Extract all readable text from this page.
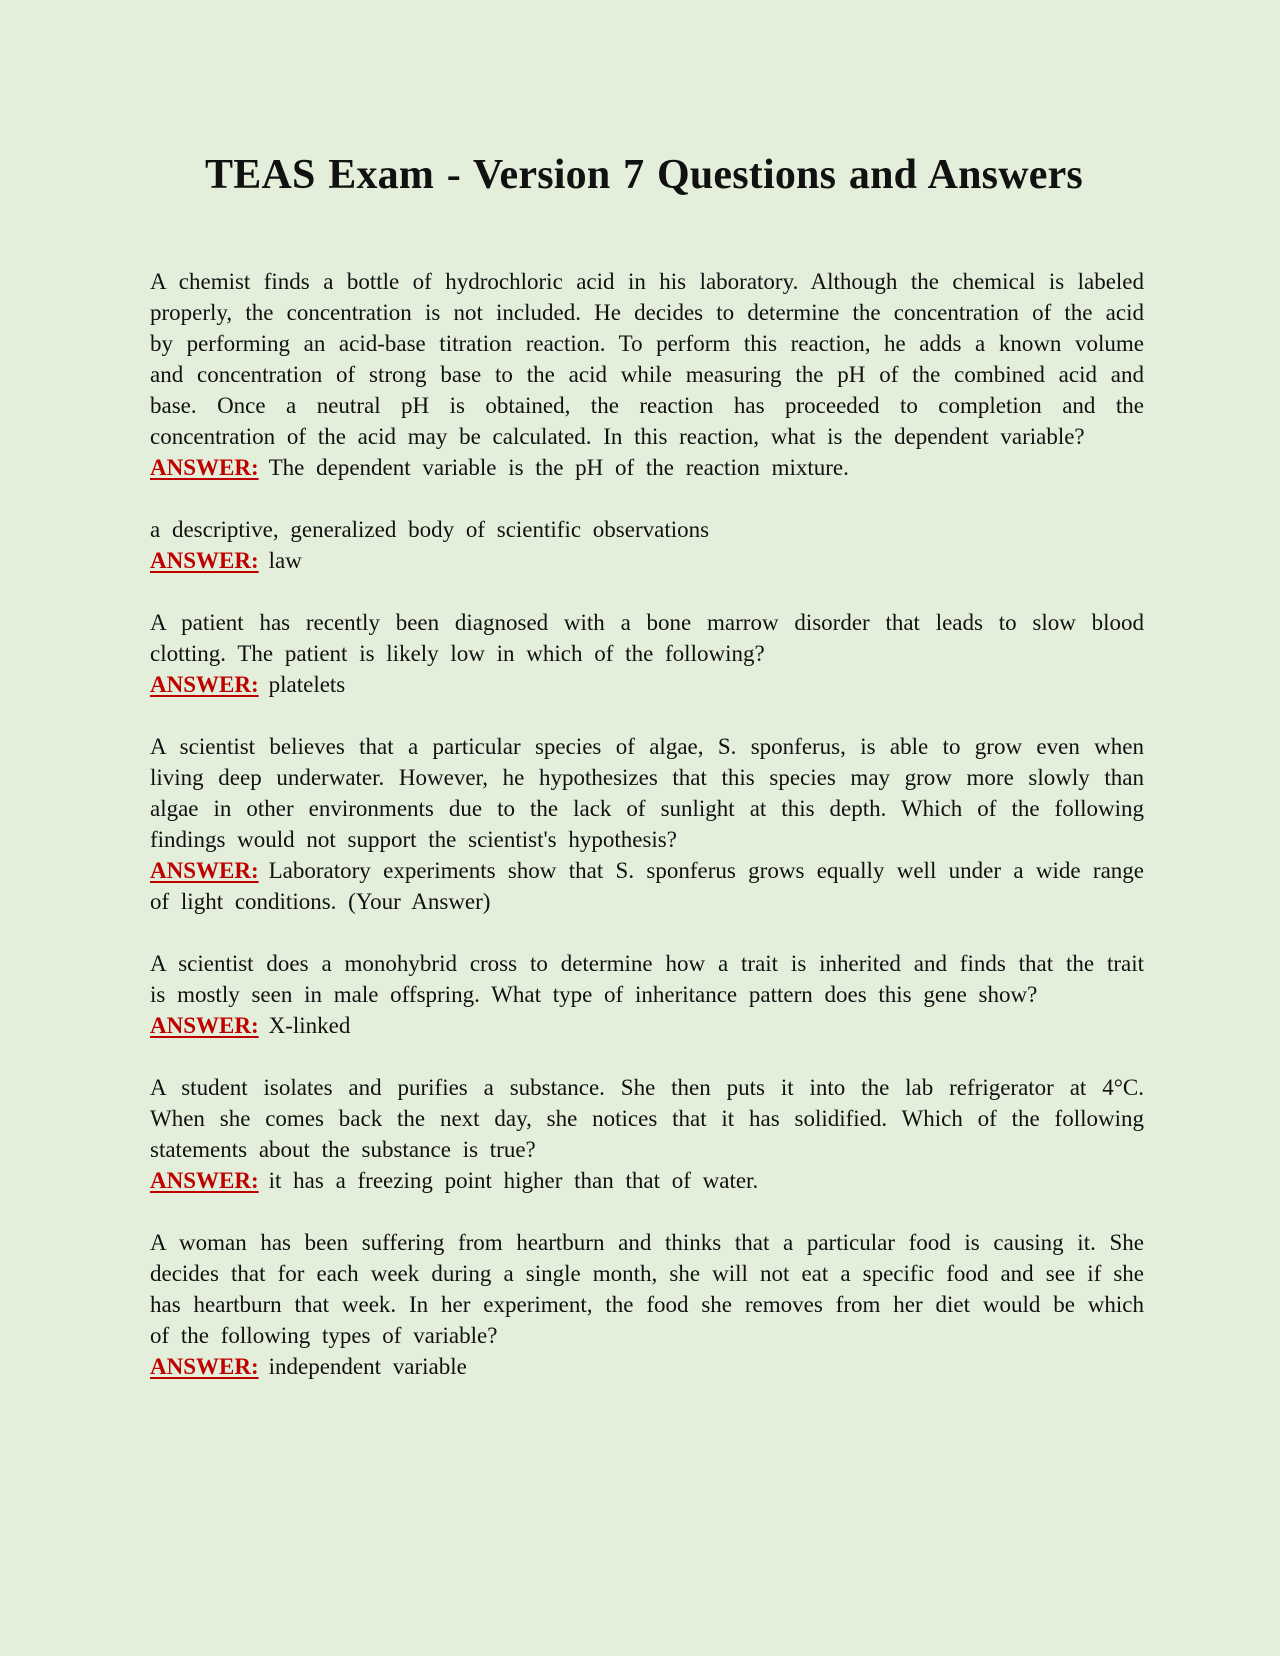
TEAS Exam - Version 7 Questions and Answers

A chemist finds a bottle of hydrochloric acid in his laboratory. Although the chemical is labeled properly, the concentration is not included. He decides to determine the concentration of the acid by performing an acid-base titration reaction. To perform this reaction, he adds a known volume and concentration of strong base to the acid while measuring the pH of the combined acid and base. Once a neutral pH is obtained, the reaction has proceeded to completion and the concentration of the acid may be calculated. In this reaction, what is the dependent variable?

ANSWER: The dependent variable is the pH of the reaction mixture.

a descriptive, generalized body of scientific observations

ANSWER: law

A patient has recently been diagnosed with a bone marrow disorder that leads to slow blood clotting. The patient is likely low in which of the following?

ANSWER: platelets

A scientist believes that a particular species of algae, S. sponferus, is able to grow even when living deep underwater. However, he hypothesizes that this species may grow more slowly than algae in other environments due to the lack of sunlight at this depth. Which of the following findings would not support the scientist's hypothesis?

ANSWER: Laboratory experiments show that S. sponferus grows equally well under a wide range of light conditions. (Your Answer)

A scientist does a monohybrid cross to determine how a trait is inherited and finds that the trait is mostly seen in male offspring. What type of inheritance pattern does this gene show?

ANSWER: X-linked

A student isolates and purifies a substance. She then puts it into the lab refrigerator at 4°C. When she comes back the next day, she notices that it has solidified. Which of the following statements about the substance is true?

ANSWER: it has a freezing point higher than that of water.

A woman has been suffering from heartburn and thinks that a particular food is causing it. She decides that for each week during a single month, she will not eat a specific food and see if she has heartburn that week. In her experiment, the food she removes from her diet would be which of the following types of variable?

ANSWER: independent variable
